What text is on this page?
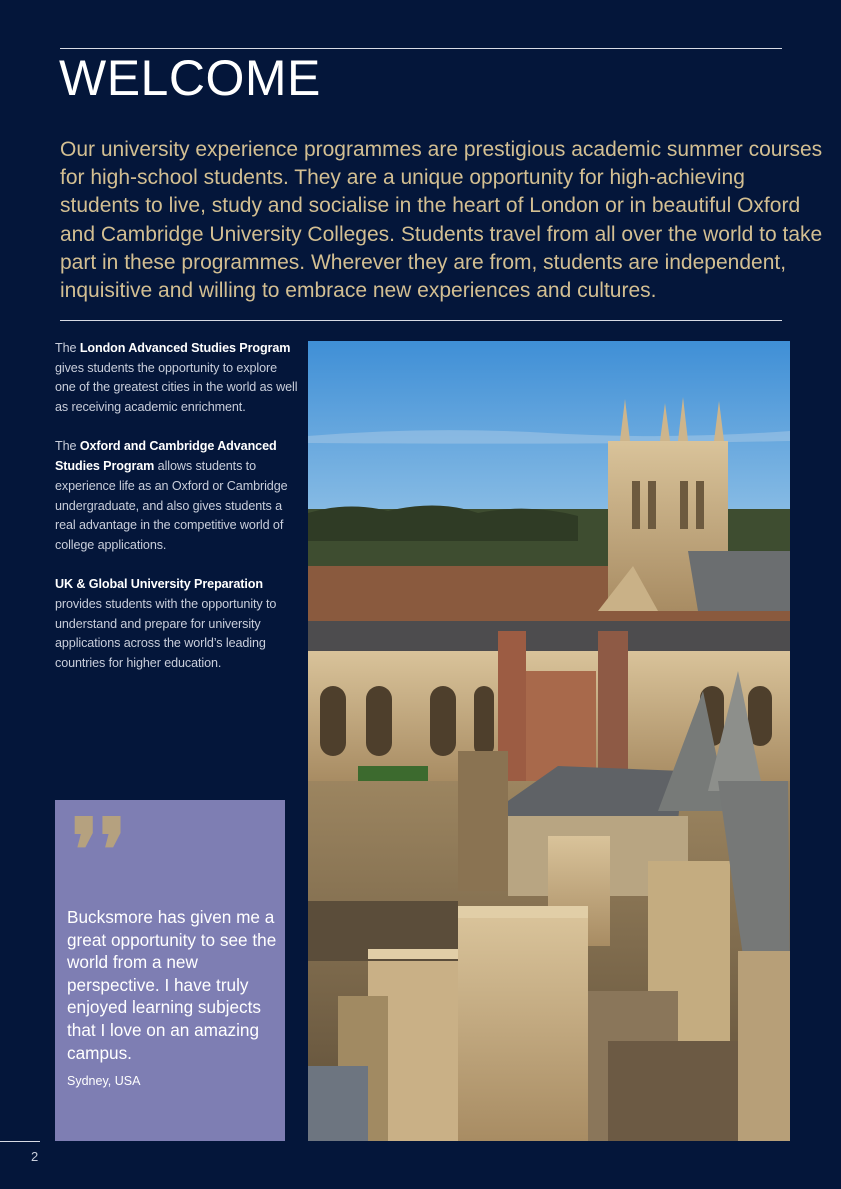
WELCOME

Our university experience programmes are prestigious academic summer courses for high-school students. They are a unique opportunity for high-achieving students to live, study and socialise in the heart of London or in beautiful Oxford and Cambridge University Colleges. Students travel from all over the world to take part in these programmes. Wherever they are from, students are independent, inquisitive and willing to embrace new experiences and cultures.

The London Advanced Studies Program gives students the opportunity to explore one of the greatest cities in the world as well as receiving academic enrichment.

The Oxford and Cambridge Advanced Studies Program allows students to experience life as an Oxford or Cambridge undergraduate, and also gives students a real advantage in the competitive world of college applications.

UK & Global University Preparation provides students with the opportunity to understand and prepare for university applications across the world’s leading countries for higher education.

❜❜

Bucksmore has given me a great opportunity to see the world from a new perspective. I have truly enjoyed learning subjects that I love on an amazing campus.

Sydney, USA

2
